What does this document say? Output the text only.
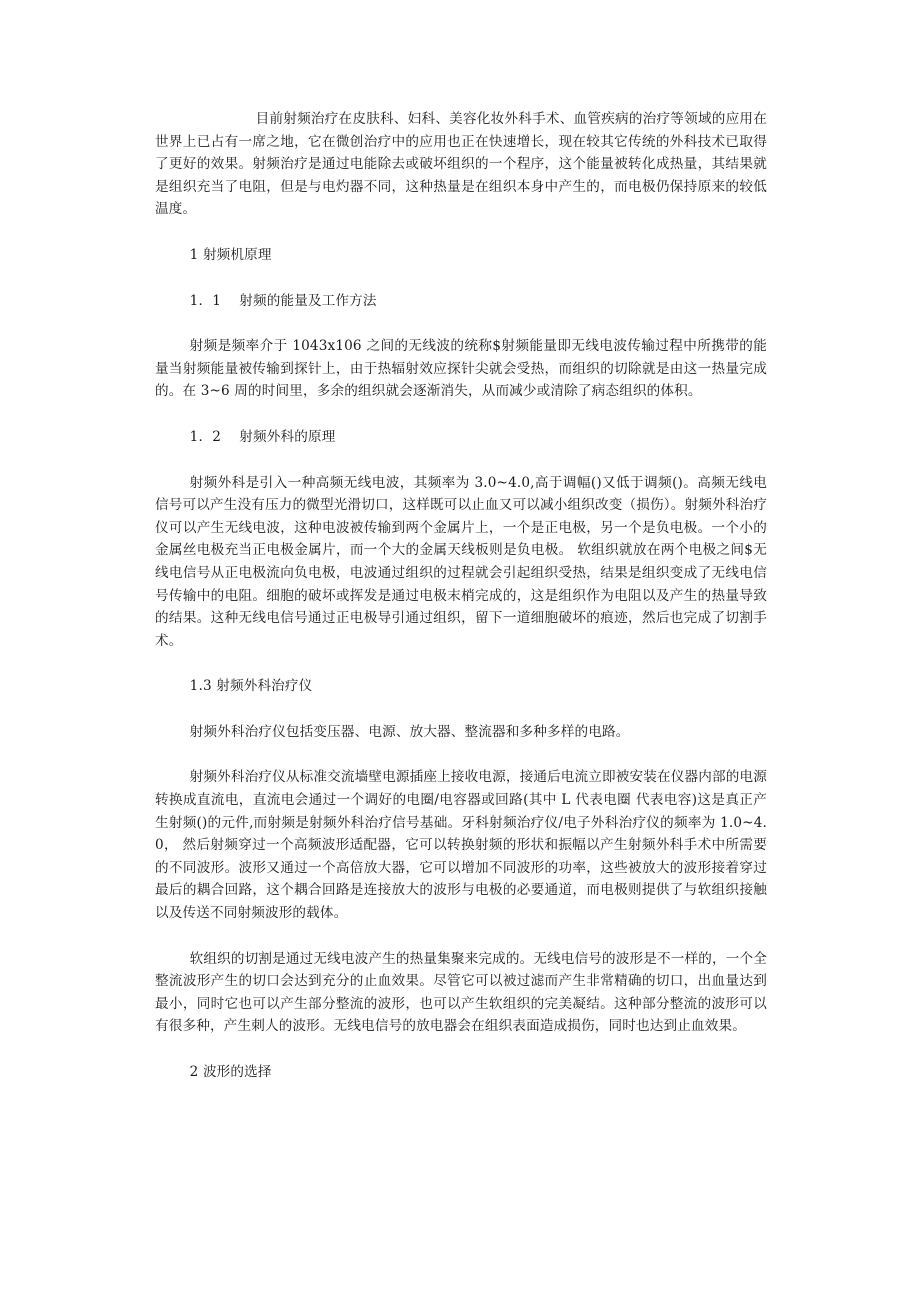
目前射频治疗在皮肤科、妇科、美容化妆外科手术、血管疾病的治疗等领域的应用在世界上已占有一席之地，它在微创治疗中的应用也正在快速增长，现在较其它传统的外科技术已取得了更好的效果。射频治疗是通过电能除去或破坏组织的一个程序，这个能量被转化成热量，其结果就是组织充当了电阻，但是与电灼器不同，这种热量是在组织本身中产生的，而电极仍保持原来的较低温度。

1 射频机原理

1．1　 射频的能量及工作方法

射频是频率介于 1043x106 之间的无线波的统称$射频能量即无线电波传输过程中所携带的能量当射频能量被传输到探针上，由于热辐射效应探针尖就会受热，而组织的切除就是由这一热量完成的。在 3~6 周的时间里，多余的组织就会逐渐消失，从而减少或清除了病态组织的体积。

1．2　 射频外科的原理

射频外科是引入一种高频无线电波，其频率为 3.0~4.0,高于调幅()又低于调频()。高频无线电信号可以产生没有压力的微型光滑切口，这样既可以止血又可以减小组织改变（损伤）。射频外科治疗仪可以产生无线电波，这种电波被传输到两个金属片上，一个是正电极，另一个是负电极。一个小的金属丝电极充当正电极金属片，而一个大的金属天线板则是负电极。 软组织就放在两个电极之间$无线电信号从正电极流向负电极，电波通过组织的过程就会引起组织受热，结果是组织变成了无线电信号传输中的电阻。细胞的破坏或挥发是通过电极末梢完成的，这是组织作为电阻以及产生的热量导致的结果。这种无线电信号通过正电极导引通过组织，留下一道细胞破坏的痕迹，然后也完成了切割手术。

1.3 射频外科治疗仪

射频外科治疗仪包括变压器、电源、放大器、整流器和多种多样的电路。

射频外科治疗仪从标准交流墙壁电源插座上接收电源，接通后电流立即被安装在仪器内部的电源转换成直流电，直流电会通过一个调好的电圈/电容器或回路(其中 L 代表电圈 代表电容)这是真正产生射频()的元件,而射频是射频外科治疗信号基础。牙科射频治疗仪/电子外科治疗仪的频率为 1.0~4.0， 然后射频穿过一个高频波形适配器，它可以转换射频的形状和振幅以产生射频外科手术中所需要的不同波形。波形又通过一个高倍放大器，它可以增加不同波形的功率，这些被放大的波形接着穿过最后的耦合回路，这个耦合回路是连接放大的波形与电极的必要通道，而电极则提供了与软组织接触以及传送不同射频波形的载体。

软组织的切割是通过无线电波产生的热量集聚来完成的。无线电信号的波形是不一样的，一个全整流波形产生的切口会达到充分的止血效果。尽管它可以被过滤而产生非常精确的切口，出血量达到最小，同时它也可以产生部分整流的波形，也可以产生软组织的完美凝结。这种部分整流的波形可以有很多种，产生刺人的波形。无线电信号的放电器会在组织表面造成损伤，同时也达到止血效果。

2 波形的选择
